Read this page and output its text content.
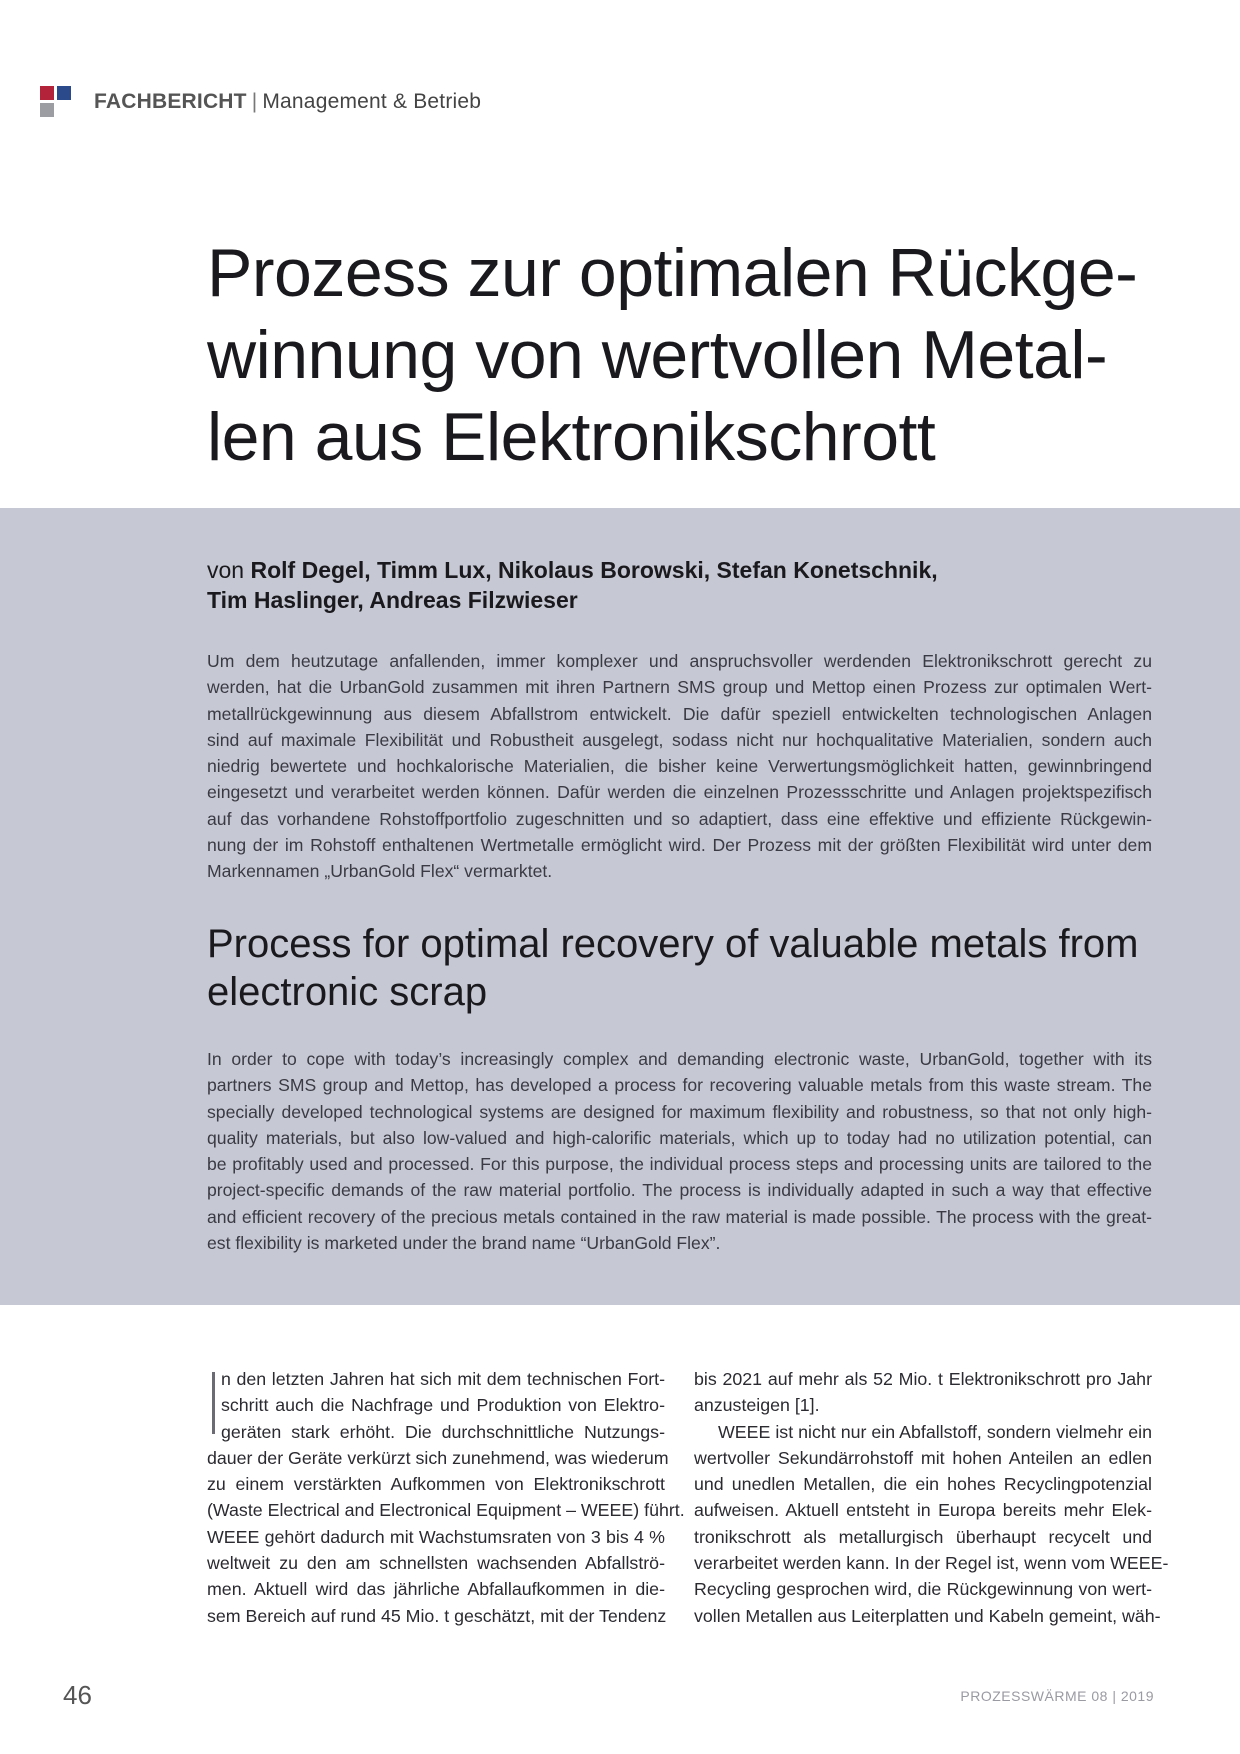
FACHBERICHT | Management & Betrieb
Prozess zur optimalen Rückge-
winnung von wertvollen Metal-
len aus Elektronikschrott
von Rolf Degel, Timm Lux, Nikolaus Borowski, Stefan Konetschnik,
Tim Haslinger, Andreas Filzwieser
Um dem heutzutage anfallenden, immer komplexer und anspruchsvoller werdenden Elektronikschrott gerecht zu
werden, hat die UrbanGold zusammen mit ihren Partnern SMS group und Mettop einen Prozess zur optimalen Wert-
metallrückgewinnung aus diesem Abfallstrom entwickelt. Die dafür speziell entwickelten technologischen Anlagen
sind auf maximale Flexibilität und Robustheit ausgelegt, sodass nicht nur hochqualitative Materialien, sondern auch
niedrig bewertete und hochkalorische Materialien, die bisher keine Verwertungsmöglichkeit hatten, gewinnbringend
eingesetzt und verarbeitet werden können. Dafür werden die einzelnen Prozessschritte und Anlagen projektspezifisch
auf das vorhandene Rohstoffportfolio zugeschnitten und so adaptiert, dass eine effektive und effiziente Rückgewin-
nung der im Rohstoff enthaltenen Wertmetalle ermöglicht wird. Der Prozess mit der größten Flexibilität wird unter dem
Markennamen „UrbanGold Flex“ vermarktet.
Process for optimal recovery of valuable metals from
electronic scrap
In order to cope with today’s increasingly complex and demanding electronic waste, UrbanGold, together with its
partners SMS group and Mettop, has developed a process for recovering valuable metals from this waste stream. The
specially developed technological systems are designed for maximum flexibility and robustness, so that not only high-
quality materials, but also low-valued and high-calorific materials, which up to today had no utilization potential, can
be profitably used and processed. For this purpose, the individual process steps and processing units are tailored to the
project-specific demands of the raw material portfolio. The process is individually adapted in such a way that effective
and efficient recovery of the precious metals contained in the raw material is made possible. The process with the great-
est flexibility is marketed under the brand name “UrbanGold Flex”.
n den letzten Jahren hat sich mit dem technischen Fort-
schritt auch die Nachfrage und Produktion von Elektro-
geräten stark erhöht. Die durchschnittliche Nutzungs-
dauer der Geräte verkürzt sich zunehmend, was wiederum
zu einem verstärkten Aufkommen von Elektronikschrott
(Waste Electrical and Electronical Equipment – WEEE) führt.
WEEE gehört dadurch mit Wachstumsraten von 3 bis 4 %
weltweit zu den am schnellsten wachsenden Abfallströ-
men. Aktuell wird das jährliche Abfallaufkommen in die-
sem Bereich auf rund 45 Mio. t geschätzt, mit der Tendenz
bis 2021 auf mehr als 52 Mio. t Elektronikschrott pro Jahr
anzusteigen [1].
WEEE ist nicht nur ein Abfallstoff, sondern vielmehr ein
wertvoller Sekundärrohstoff mit hohen Anteilen an edlen
und unedlen Metallen, die ein hohes Recyclingpotenzial
aufweisen. Aktuell entsteht in Europa bereits mehr Elek-
tronikschrott als metallurgisch überhaupt recycelt und
verarbeitet werden kann. In der Regel ist, wenn vom WEEE-
Recycling gesprochen wird, die Rückgewinnung von wert-
vollen Metallen aus Leiterplatten und Kabeln gemeint, wäh-
46	PROZESSWÄRME 08 | 2019
